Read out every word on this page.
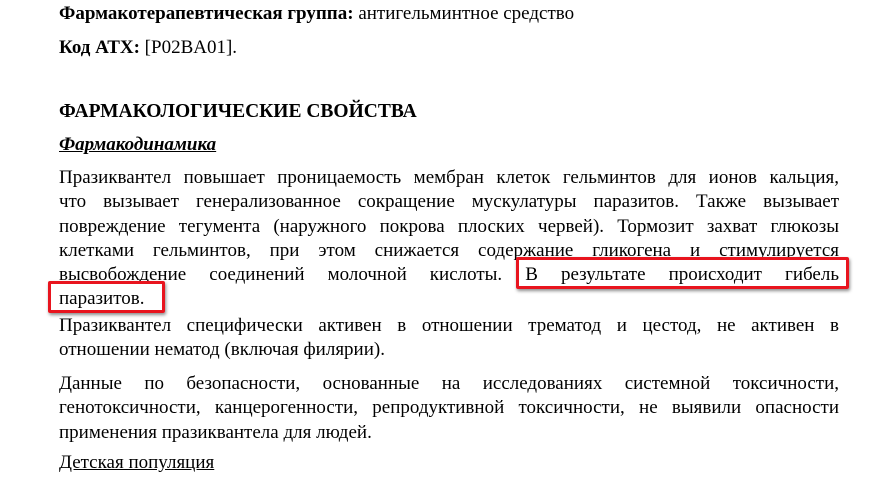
Фармакотерапевтическая группа: антигельминтное средство
Код АТХ: [P02BA01].
ФАРМАКОЛОГИЧЕСКИЕ СВОЙСТВА
Фармакодинамика
Празиквантел повышает проницаемость мембран клеток гельминтов для ионов кальция,
что вызывает генерализованное сокращение мускулатуры паразитов. Также вызывает
повреждение тегумента (наружного покрова плоских червей). Тормозит захват глюкозы
клетками гельминтов, при этом снижается содержание гликогена и стимулируется
высвобождение соединений молочной кислоты. В результате происходит гибель
паразитов.
Празиквантел специфически активен в отношении трематод и цестод, не активен в
отношении нематод (включая филярии).
Данные по безопасности, основанные на исследованиях системной токсичности,
генотоксичности, канцерогенности, репродуктивной токсичности, не выявили опасности
применения празиквантела для людей.
Детская популяция
